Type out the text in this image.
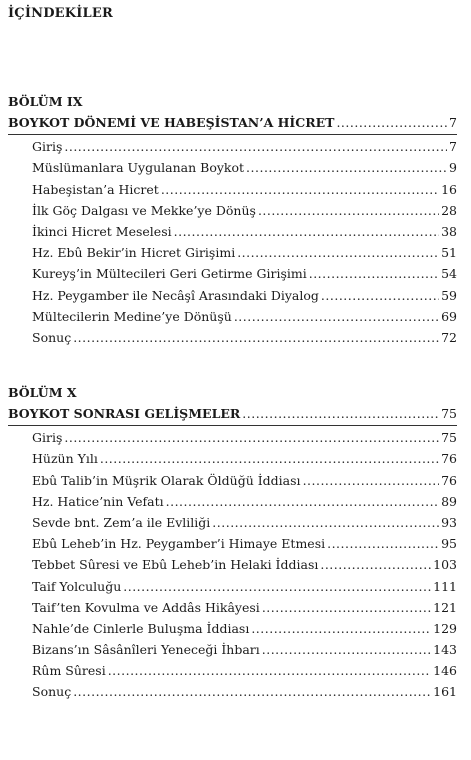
İÇİNDEKİLER
BÖLÜM IX
BOYKOT DÖNEMİ VE HABEŞİSTAN’A HİCRET .....	7
Giriş .....	7
Müslümanlara Uygulanan Boykot .....	9
Habeşistan’a Hicret .....	16
İlk Göç Dalgası ve Mekke’ye Dönüş .....	28
İkinci Hicret Meselesi .....	38
Hz. Ebû Bekir’in Hicret Girişimi .....	51
Kureyş’in Mültecileri Geri Getirme Girişimi .....	54
Hz. Peygamber ile Necâşî Arasındaki Diyalog .....	59
Mültecilerin Medine’ye Dönüşü .....	69
Sonuç .....	72
BÖLÜM X
BOYKOT SONRASI GELİŞMELER .....	75
Giriş .....	75
Hüzün Yılı .....	76
Ebû Talib’in Müşrik Olarak Öldüğü İddiası .....	76
Hz. Hatice’nin Vefatı .....	89
Sevde bnt. Zem’a ile Evliliği .....	93
Ebû Leheb’in Hz. Peygamber’i Himaye Etmesi .....	95
Tebbet Sûresi ve Ebû Leheb’in Helaki İddiası .....	103
Taif Yolculuğu .....	111
Taif’ten Kovulma ve Addâs Hikâyesi .....	121
Nahle’de Cinlerle Buluşma İddiası .....	129
Bizans’ın Sâsânîleri Yeneceği İhbarı .....	143
Rûm Sûresi .....	146
Sonuç .....	161
